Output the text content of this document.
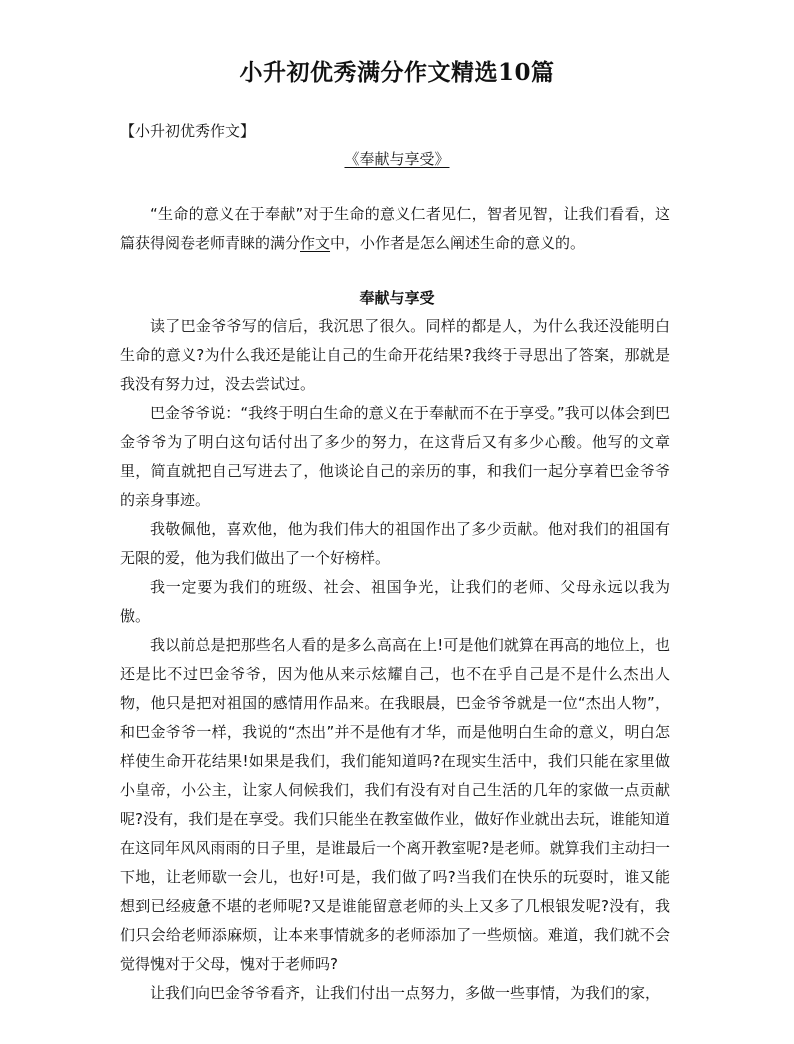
小升初优秀满分作文精选10篇
【小升初优秀作文】
《奉献与享受》

“生命的意义在于奉献”对于生命的意义仁者见仁，智者见智，让我们看看，这篇获得阅卷老师青睐的满分作文中，小作者是怎么阐述生命的意义的。

奉献与享受

读了巴金爷爷写的信后，我沉思了很久。同样的都是人，为什么我还没能明白生命的意义?为什么我还是能让自己的生命开花结果?我终于寻思出了答案，那就是我没有努力过，没去尝试过。

巴金爷爷说：“我终于明白生命的意义在于奉献而不在于享受。”我可以体会到巴金爷爷为了明白这句话付出了多少的努力，在这背后又有多少心酸。他写的文章里，简直就把自己写进去了，他谈论自己的亲历的事，和我们一起分享着巴金爷爷的亲身事迹。

我敬佩他，喜欢他，他为我们伟大的祖国作出了多少贡献。他对我们的祖国有无限的爱，他为我们做出了一个好榜样。

我一定要为我们的班级、社会、祖国争光，让我们的老师、父母永远以我为傲。

我以前总是把那些名人看的是多么高高在上!可是他们就算在再高的地位上，也还是比不过巴金爷爷，因为他从来示炫耀自己，也不在乎自己是不是什么杰出人物，他只是把对祖国的感情用作品来。在我眼晨，巴金爷爷就是一位“杰出人物”，和巴金爷爷一样，我说的“杰出”并不是他有才华，而是他明白生命的意义，明白怎样使生命开花结果!如果是我们，我们能知道吗?在现实生活中，我们只能在家里做小皇帝，小公主，让家人伺候我们，我们有没有对自己生活的几年的家做一点贡献呢?没有，我们是在享受。我们只能坐在教室做作业，做好作业就出去玩，谁能知道在这同年风风雨雨的日子里，是谁最后一个离开教室呢?是老师。就算我们主动扫一下地，让老师歇一会儿，也好!可是，我们做了吗?当我们在快乐的玩耍时，谁又能想到已经疲惫不堪的老师呢?又是谁能留意老师的头上又多了几根银发呢?没有，我们只会给老师添麻烦，让本来事情就多的老师添加了一些烦恼。难道，我们就不会觉得愧对于父母，愧对于老师吗?

让我们向巴金爷爷看齐，让我们付出一点努力，多做一些事情，为我们的家，
